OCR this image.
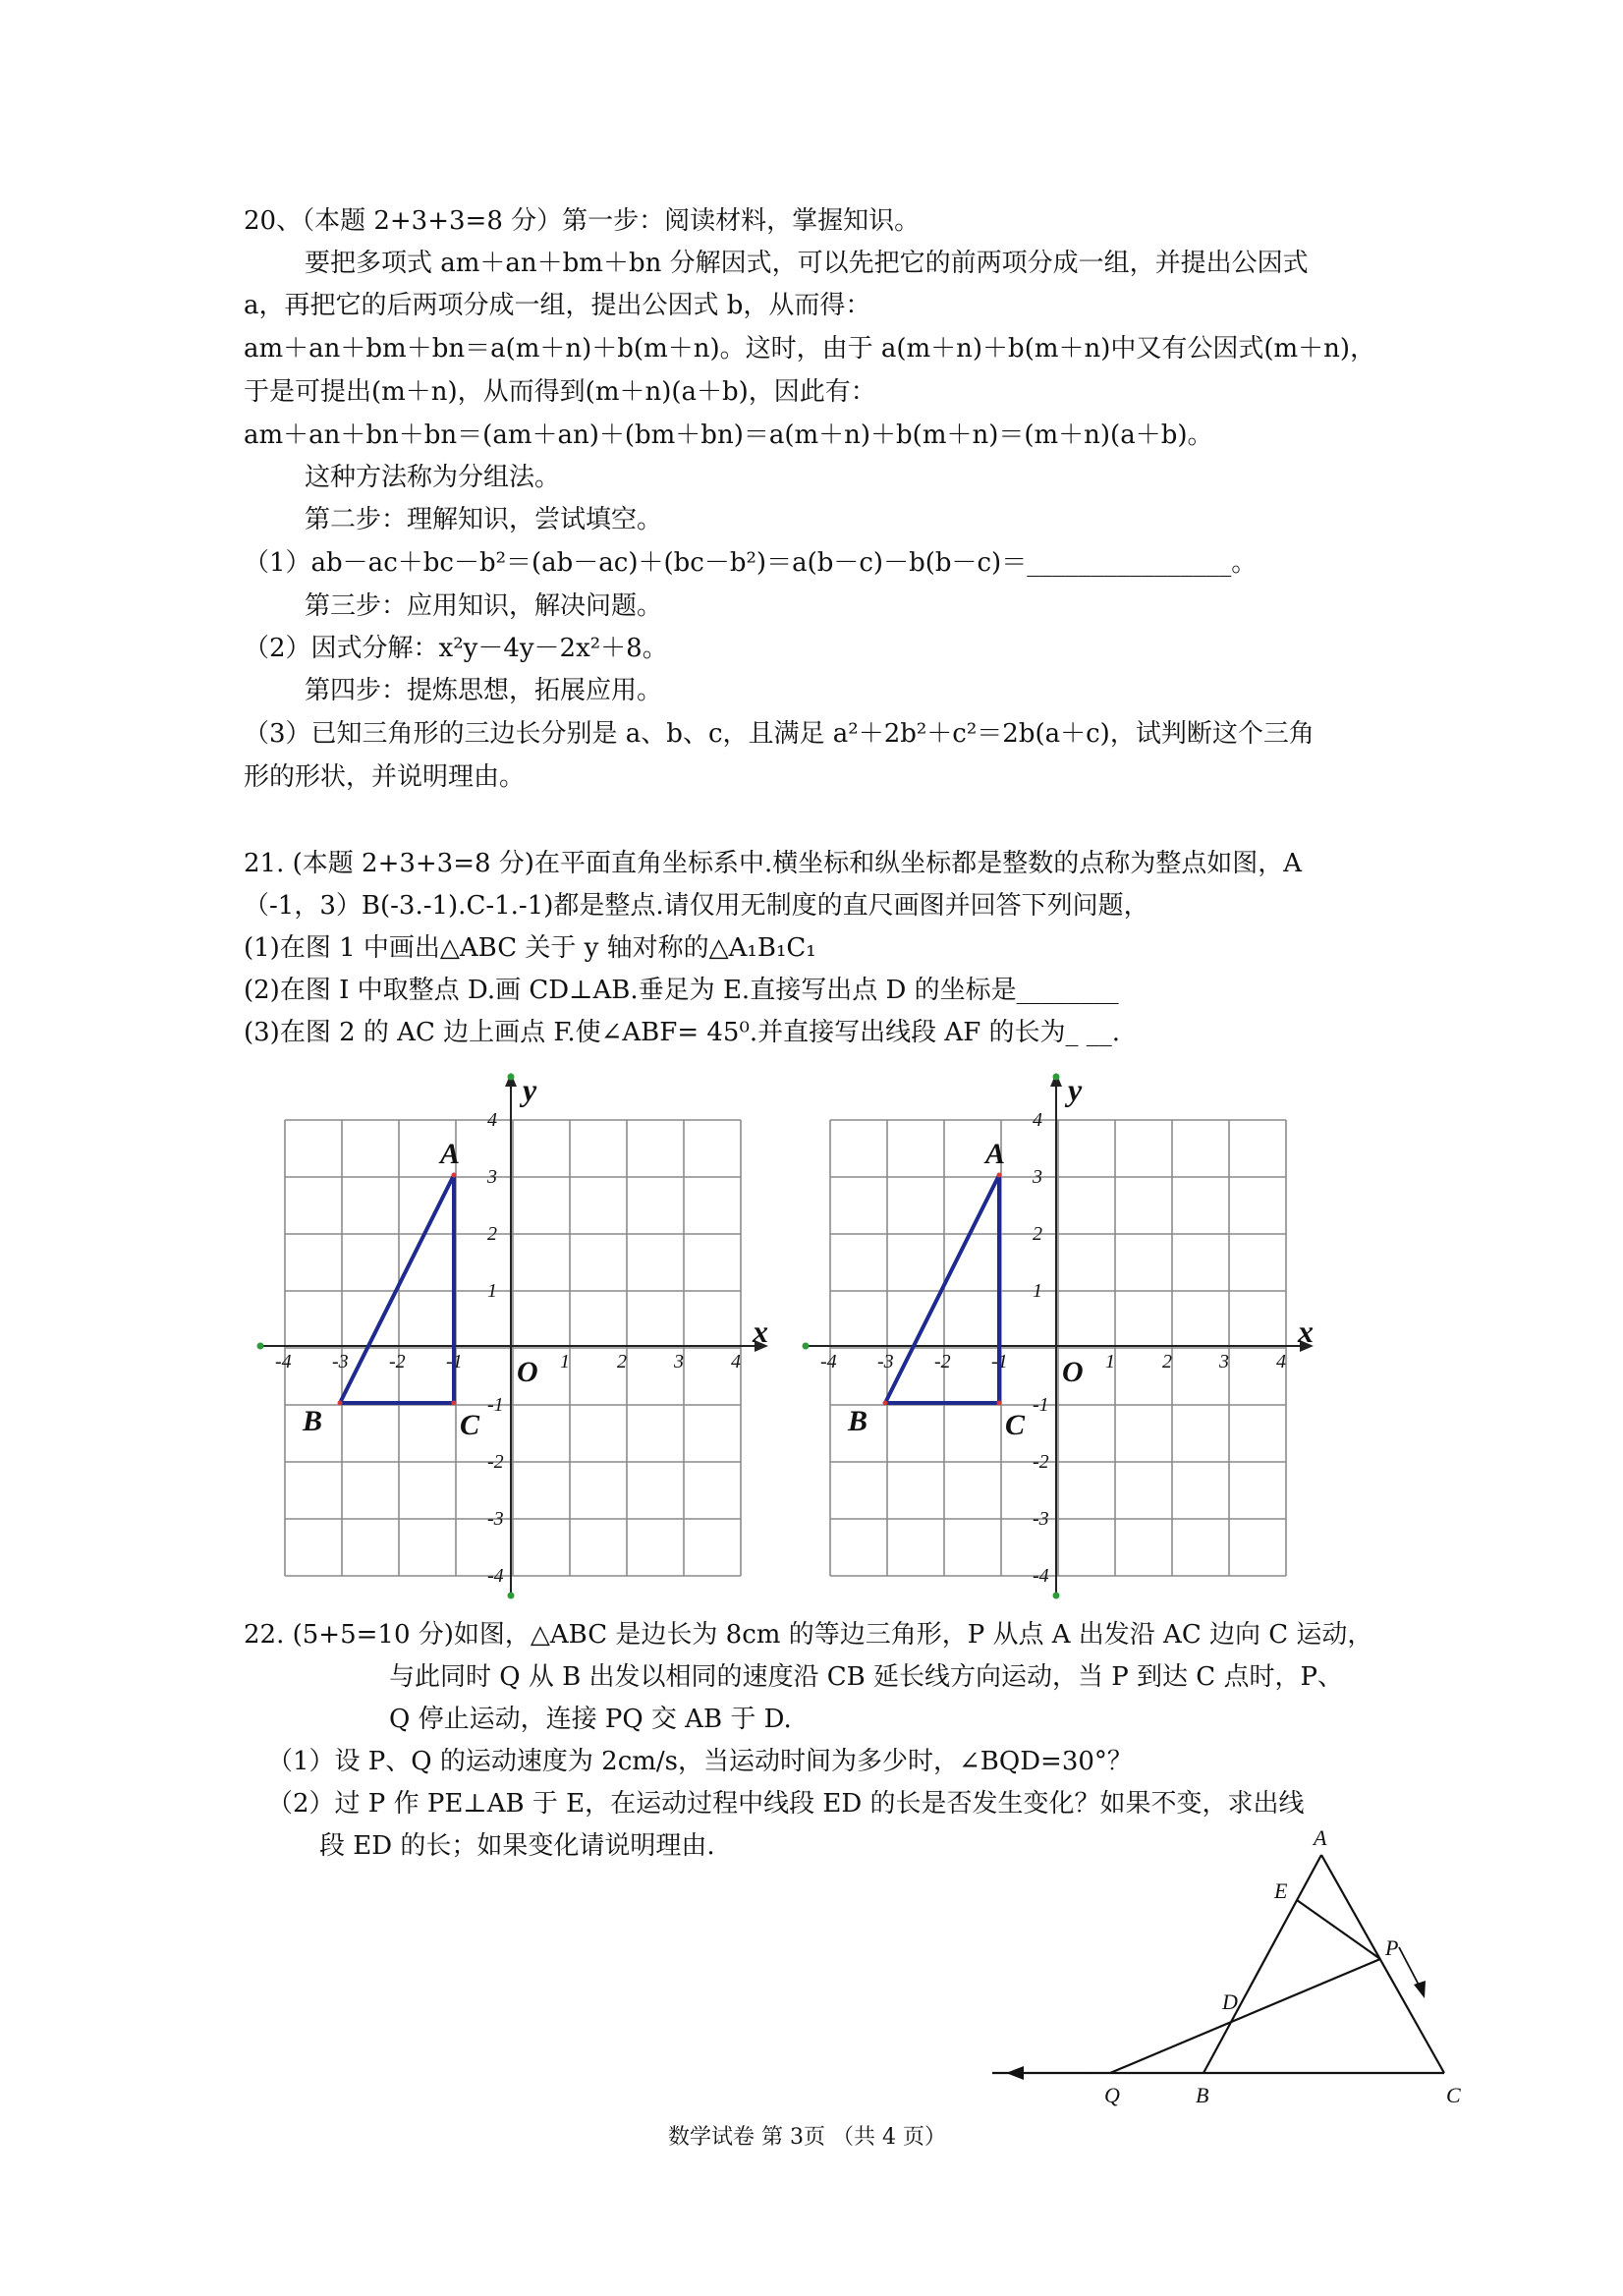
20、（本题 2+3+3=8 分）第一步：阅读材料，掌握知识。
要把多项式 am＋an＋bm＋bn 分解因式，可以先把它的前两项分成一组，并提出公因式
a，再把它的后两项分成一组，提出公因式 b，从而得：
am＋an＋bm＋bn＝a(m＋n)＋b(m＋n)。这时，由于 a(m＋n)＋b(m＋n)中又有公因式(m＋n)，
于是可提出(m＋n)，从而得到(m＋n)(a＋b)，因此有：
am＋an＋bn＋bn＝(am＋an)＋(bm＋bn)＝a(m＋n)＋b(m＋n)＝(m＋n)(a＋b)。
这种方法称为分组法。
第二步：理解知识，尝试填空。
（1）ab－ac＋bc－b²＝(ab－ac)＋(bc－b²)＝a(b－c)－b(b－c)＝________________。
第三步：应用知识，解决问题。
（2）因式分解：x²y－4y－2x²＋8。
第四步：提炼思想，拓展应用。
（3）已知三角形的三边长分别是 a、b、c，且满足 a²＋2b²＋c²＝2b(a＋c)，试判断这个三角
形的形状，并说明理由。
21. (本题 2+3+3=8 分)在平面直角坐标系中.横坐标和纵坐标都是整数的点称为整点如图，A
（-1，3）B(-3.-1).C-1.-1)都是整点.请仅用无制度的直尺画图并回答下列问题，
(1)在图 1 中画出△ABC 关于 y 轴对称的△A₁B₁C₁
(2)在图 I 中取整点 D.画 CD⊥AB.垂足为 E.直接写出点 D 的坐标是________
(3)在图 2 的 AC 边上画点 F.使∠ABF= 45⁰.并直接写出线段 AF 的长为_ __.
x
y
O
-4 -3 -2 -1	1 2 3 4
4
3
2
1
-1
-2
-3
-4
A
B	C
x
y
O
-4 -3 -2 -1	1 2 3 4
4
3
2
1
-1
-2
-3
-4
A
B	C
22. (5+5=10 分)如图，△ABC 是边长为 8cm 的等边三角形，P 从点 A 出发沿 AC 边向 C 运动，
与此同时 Q 从 B 出发以相同的速度沿 CB 延长线方向运动，当 P 到达 C 点时，P、
Q 停止运动，连接 PQ 交 AB 于 D.
（1）设 P、Q 的运动速度为 2cm/s，当运动时间为多少时，∠BQD=30°？
（2）过 P 作 PE⊥AB 于 E，在运动过程中线段 ED 的长是否发生变化？如果不变，求出线
段 ED 的长；如果变化请说明理由.	A
E
P
D
Q	B	C
数学试卷 第 3页 （共 4 页）
